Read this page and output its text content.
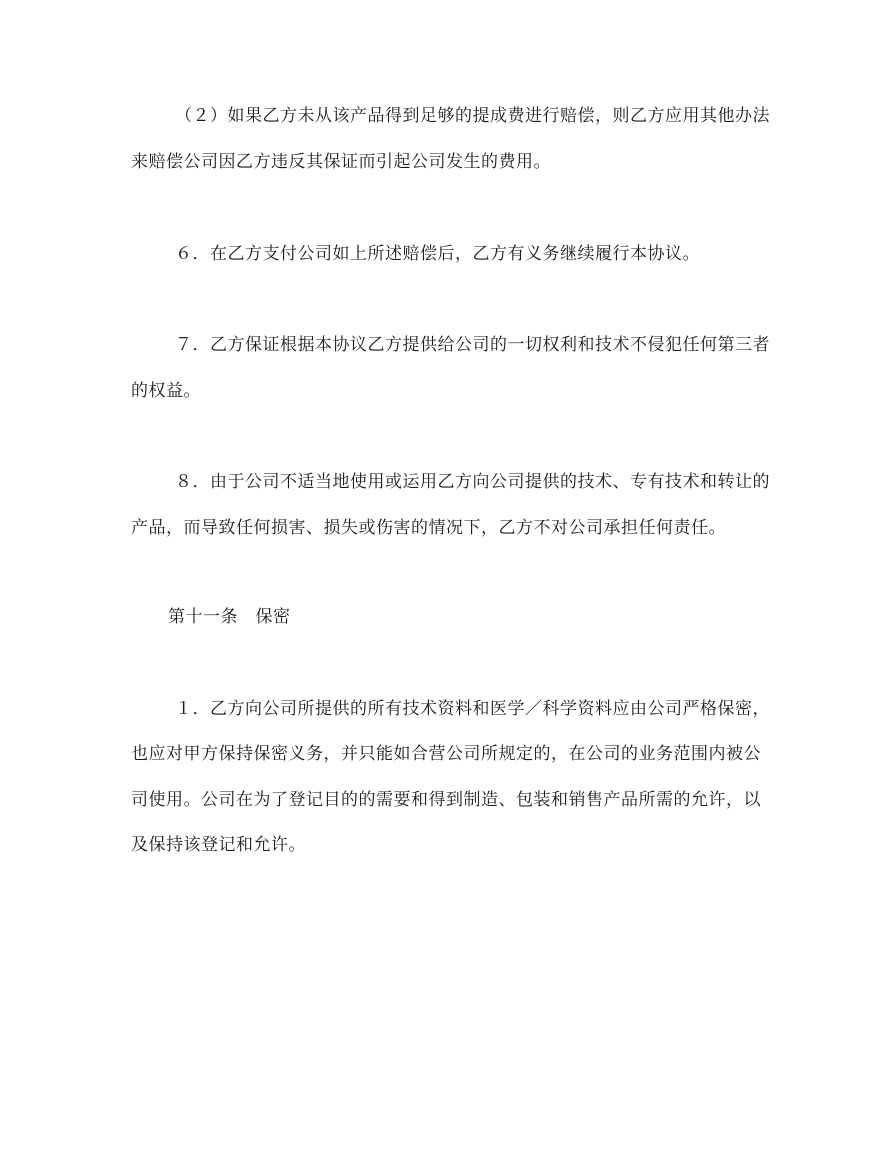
（２）如果乙方未从该产品得到足够的提成费进行赔偿，则乙方应用其他办法
来赔偿公司因乙方违反其保证而引起公司发生的费用。
６．在乙方支付公司如上所述赔偿后，乙方有义务继续履行本协议。
７．乙方保证根据本协议乙方提供给公司的一切权利和技术不侵犯任何第三者
的权益。
８．由于公司不适当地使用或运用乙方向公司提供的技术、专有技术和转让的
产品，而导致任何损害、损失或伤害的情况下，乙方不对公司承担任何责任。
第十一条　保密
１．乙方向公司所提供的所有技术资料和医学／科学资料应由公司严格保密，
也应对甲方保持保密义务，并只能如合营公司所规定的，在公司的业务范围内被公
司使用。公司在为了登记目的的需要和得到制造、包装和销售产品所需的允许，以
及保持该登记和允许。
